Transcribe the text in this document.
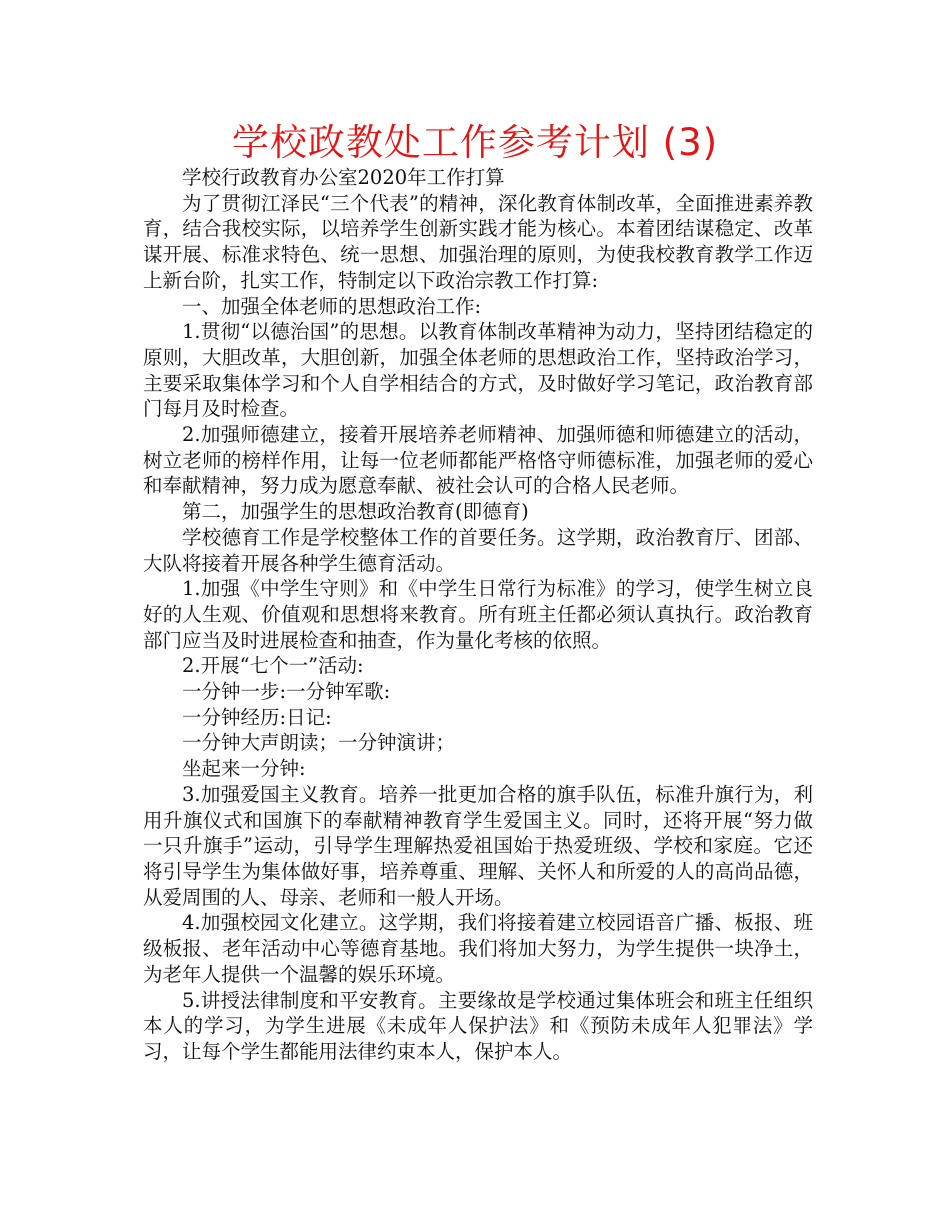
学校政教处工作参考计划 (3)

学校行政教育办公室2020年工作打算

为了贯彻江泽民“三个代表”的精神，深化教育体制改革，全面推进素养教育，结合我校实际，以培养学生创新实践才能为核心。本着团结谋稳定、改革谋开展、标准求特色、统一思想、加强治理的原则，为使我校教育教学工作迈上新台阶，扎实工作，特制定以下政治宗教工作打算:

一、加强全体老师的思想政治工作:

1.贯彻“以德治国”的思想。以教育体制改革精神为动力，坚持团结稳定的原则，大胆改革，大胆创新，加强全体老师的思想政治工作，坚持政治学习，主要采取集体学习和个人自学相结合的方式，及时做好学习笔记，政治教育部门每月及时检查。

2.加强师德建立，接着开展培养老师精神、加强师德和师德建立的活动，树立老师的榜样作用，让每一位老师都能严格恪守师德标准，加强老师的爱心和奉献精神，努力成为愿意奉献、被社会认可的合格人民老师。

第二，加强学生的思想政治教育(即德育)

学校德育工作是学校整体工作的首要任务。这学期，政治教育厅、团部、大队将接着开展各种学生德育活动。

1.加强《中学生守则》和《中学生日常行为标准》的学习，使学生树立良好的人生观、价值观和思想将来教育。所有班主任都必须认真执行。政治教育部门应当及时进展检查和抽查，作为量化考核的依照。

2.开展“七个一”活动:

一分钟一步:一分钟军歌:

一分钟经历:日记:

一分钟大声朗读；一分钟演讲；

坐起来一分钟:

3.加强爱国主义教育。培养一批更加合格的旗手队伍，标准升旗行为，利用升旗仪式和国旗下的奉献精神教育学生爱国主义。同时，还将开展“努力做一只升旗手”运动，引导学生理解热爱祖国始于热爱班级、学校和家庭。它还将引导学生为集体做好事，培养尊重、理解、关怀人和所爱的人的高尚品德，从爱周围的人、母亲、老师和一般人开场。

4.加强校园文化建立。这学期，我们将接着建立校园语音广播、板报、班级板报、老年活动中心等德育基地。我们将加大努力，为学生提供一块净土，为老年人提供一个温馨的娱乐环境。

5.讲授法律制度和平安教育。主要缘故是学校通过集体班会和班主任组织本人的学习，为学生进展《未成年人保护法》和《预防未成年人犯罪法》学习，让每个学生都能用法律约束本人，保护本人。
